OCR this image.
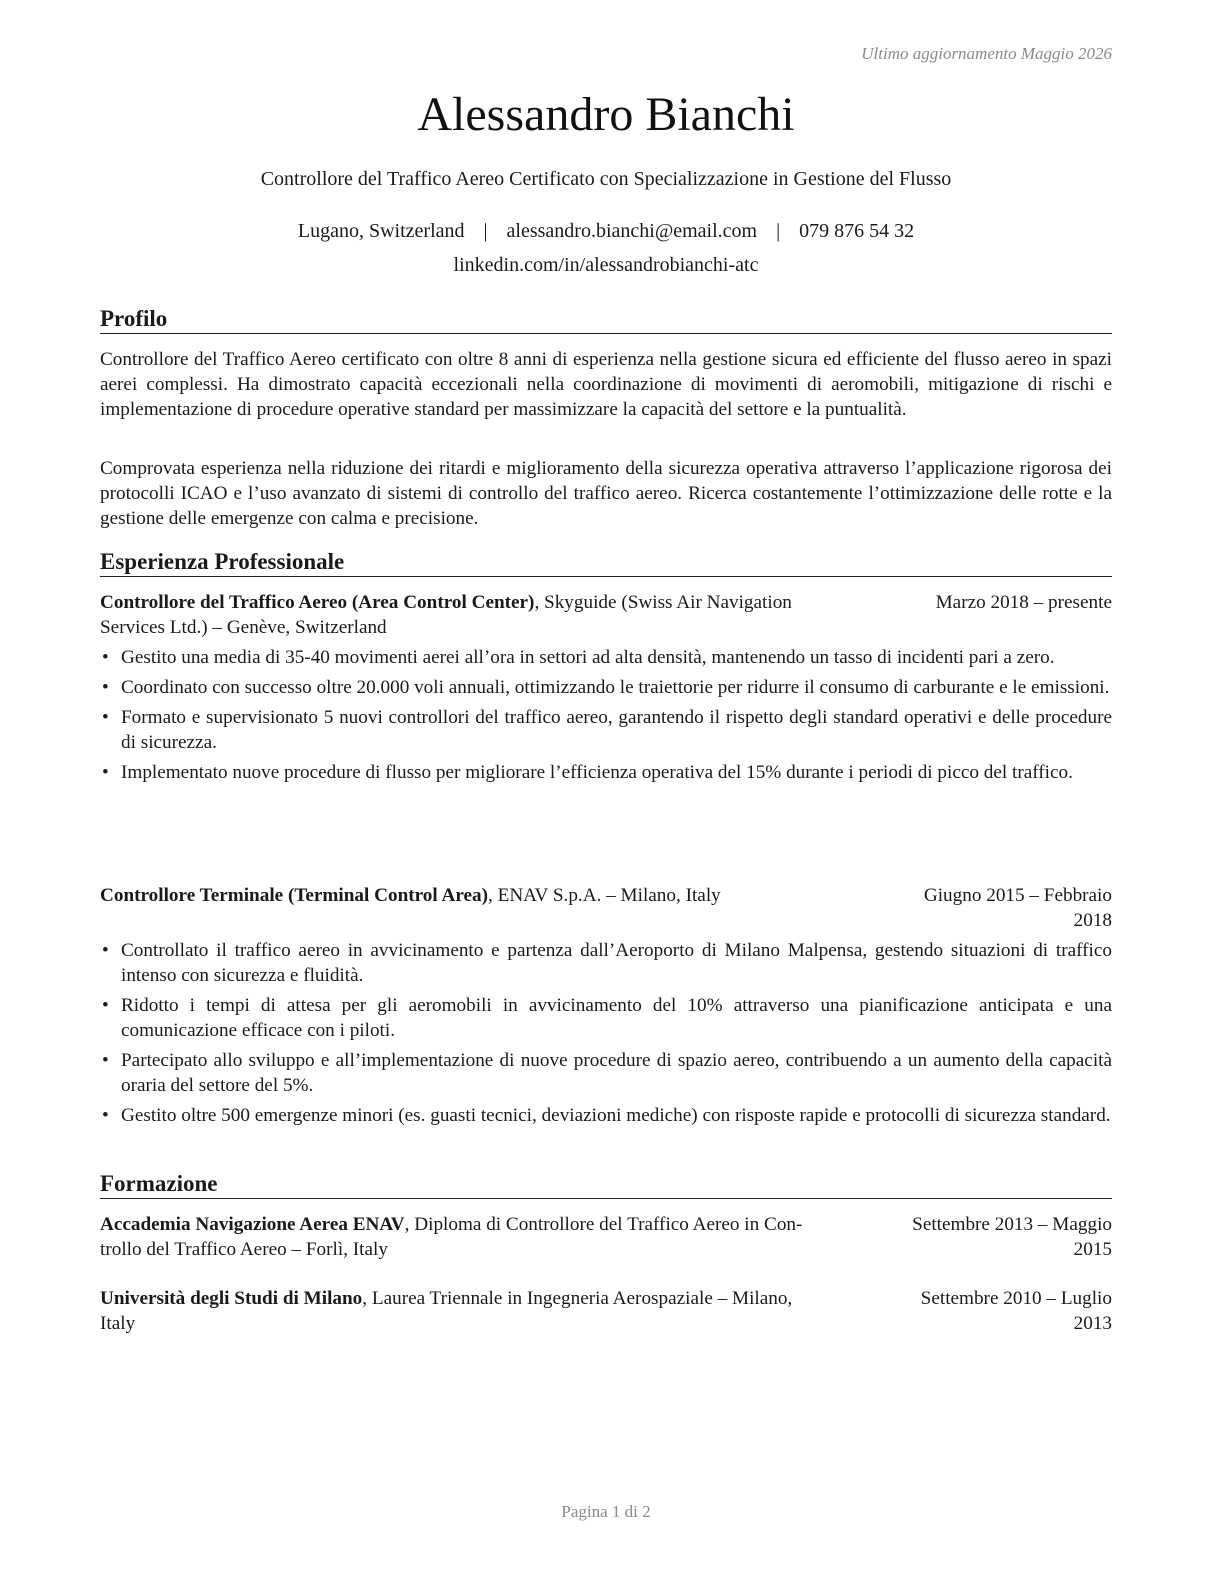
Ultimo aggiornamento Maggio 2026
Alessandro Bianchi
Controllore del Traffico Aereo Certificato con Specializzazione in Gestione del Flusso
Lugano, Switzerland | alessandro.bianchi@email.com | 079 876 54 32
linkedin.com/in/alessandrobianchi-atc
Profilo
Controllore del Traffico Aereo certificato con oltre 8 anni di esperienza nella gestione sicura ed efficiente del flusso aereo in spazi aerei complessi. Ha dimostrato capacità eccezionali nella coordinazione di movimenti di aeromobili, mitigazione di rischi e implementazione di procedure operative standard per massimizzare la capacità del settore e la puntualità.
Comprovata esperienza nella riduzione dei ritardi e miglioramento della sicurezza operativa attraverso l’applicazione rigorosa dei protocolli ICAO e l’uso avanzato di sistemi di controllo del traffico aereo. Ricerca costantemente l’ottimizzazione delle rotte e la gestione delle emergenze con calma e precisione.
Esperienza Professionale
Controllore del Traffico Aereo (Area Control Center), Skyguide (Swiss Air Navigation
Services Ltd.) – Genève, Switzerland
Marzo 2018 – presente
• Gestito una media di 35-40 movimenti aerei all’ora in settori ad alta densità, mantenendo un tasso di incidenti pari a zero.
• Coordinato con successo oltre 20.000 voli annuali, ottimizzando le traiettorie per ridurre il consumo di carburante e le emissioni.
• Formato e supervisionato 5 nuovi controllori del traffico aereo, garantendo il rispetto degli standard operativi e delle procedure di sicurezza.
• Implementato nuove procedure di flusso per migliorare l’efficienza operativa del 15% durante i periodi di picco del traffico.
Controllore Terminale (Terminal Control Area), ENAV S.p.A. – Milano, Italy	Giugno 2015 – Febbraio
2018
• Controllato il traffico aereo in avvicinamento e partenza dall’Aeroporto di Milano Malpensa, gestendo situazioni di traffico intenso con sicurezza e fluidità.
• Ridotto i tempi di attesa per gli aeromobili in avvicinamento del 10% attraverso una pianificazione anticipata e una comunicazione efficace con i piloti.
• Partecipato allo sviluppo e all’implementazione di nuove procedure di spazio aereo, contribuendo a un aumento della capacità oraria del settore del 5%.
• Gestito oltre 500 emergenze minori (es. guasti tecnici, deviazioni mediche) con risposte rapide e protocolli di sicurezza standard.
Formazione
Accademia Navigazione Aerea ENAV, Diploma di Controllore del Traffico Aereo in Con-
trollo del Traffico Aereo – Forlì, Italy
Settembre 2013 – Maggio
2015
Università degli Studi di Milano, Laurea Triennale in Ingegneria Aerospaziale – Milano,
Italy
Settembre 2010 – Luglio
2013
Pagina 1 di 2
